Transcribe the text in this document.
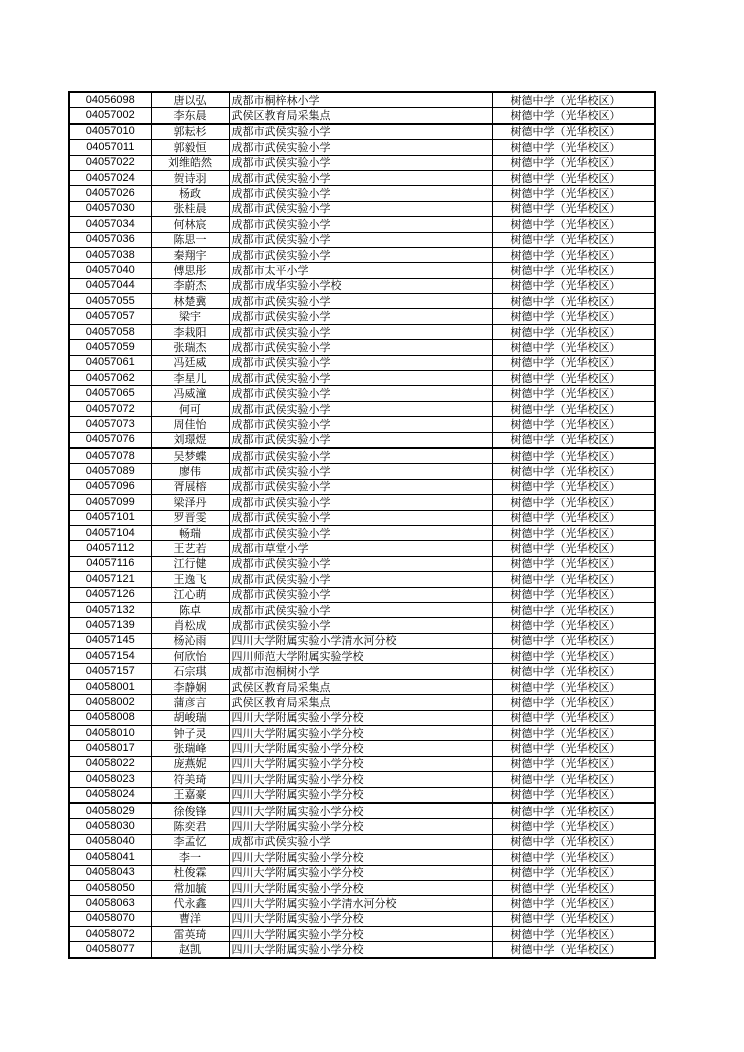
04056098	唐以弘	成都市桐梓林小学	树德中学（光华校区）
04057002	李东晨	武侯区教育局采集点	树德中学（光华校区）
04057010	郭耘杉	成都市武侯实验小学	树德中学（光华校区）
04057011	郭毅恒	成都市武侯实验小学	树德中学（光华校区）
04057022	刘维皓然	成都市武侯实验小学	树德中学（光华校区）
04057024	贺诗羽	成都市武侯实验小学	树德中学（光华校区）
04057026	杨政	成都市武侯实验小学	树德中学（光华校区）
04057030	张桂晨	成都市武侯实验小学	树德中学（光华校区）
04057034	何林宸	成都市武侯实验小学	树德中学（光华校区）
04057036	陈思一	成都市武侯实验小学	树德中学（光华校区）
04057038	秦翔宇	成都市武侯实验小学	树德中学（光华校区）
04057040	傅思彤	成都市太平小学	树德中学（光华校区）
04057044	李蔚杰	成都市成华实验小学校	树德中学（光华校区）
04057055	林楚冀	成都市武侯实验小学	树德中学（光华校区）
04057057	梁宇	成都市武侯实验小学	树德中学（光华校区）
04057058	李栽阳	成都市武侯实验小学	树德中学（光华校区）
04057059	张瑞杰	成都市武侯实验小学	树德中学（光华校区）
04057061	冯廷威	成都市武侯实验小学	树德中学（光华校区）
04057062	李星儿	成都市武侯实验小学	树德中学（光华校区）
04057065	冯威潼	成都市武侯实验小学	树德中学（光华校区）
04057072	何可	成都市武侯实验小学	树德中学（光华校区）
04057073	周佳怡	成都市武侯实验小学	树德中学（光华校区）
04057076	刘璟煜	成都市武侯实验小学	树德中学（光华校区）
04057078	吴梦蝶	成都市武侯实验小学	树德中学（光华校区）
04057089	廖伟	成都市武侯实验小学	树德中学（光华校区）
04057096	胥展榕	成都市武侯实验小学	树德中学（光华校区）
04057099	梁泽丹	成都市武侯实验小学	树德中学（光华校区）
04057101	罗晋雯	成都市武侯实验小学	树德中学（光华校区）
04057104	畅瑞	成都市武侯实验小学	树德中学（光华校区）
04057112	王艺若	成都市草堂小学	树德中学（光华校区）
04057116	江行健	成都市武侯实验小学	树德中学（光华校区）
04057121	王逸飞	成都市武侯实验小学	树德中学（光华校区）
04057126	江心萌	成都市武侯实验小学	树德中学（光华校区）
04057132	陈卓	成都市武侯实验小学	树德中学（光华校区）
04057139	肖松成	成都市武侯实验小学	树德中学（光华校区）
04057145	杨沁雨	四川大学附属实验小学清水河分校	树德中学（光华校区）
04057154	何欣怡	四川师范大学附属实验学校	树德中学（光华校区）
04057157	石宗琪	成都市泡桐树小学	树德中学（光华校区）
04058001	李静娴	武侯区教育局采集点	树德中学（光华校区）
04058002	蒲彦言	武侯区教育局采集点	树德中学（光华校区）
04058008	胡峻瑞	四川大学附属实验小学分校	树德中学（光华校区）
04058010	钟子灵	四川大学附属实验小学分校	树德中学（光华校区）
04058017	张瑞峰	四川大学附属实验小学分校	树德中学（光华校区）
04058022	庞燕妮	四川大学附属实验小学分校	树德中学（光华校区）
04058023	符美琦	四川大学附属实验小学分校	树德中学（光华校区）
04058024	王嘉豪	四川大学附属实验小学分校	树德中学（光华校区）
04058029	徐俊锋	四川大学附属实验小学分校	树德中学（光华校区）
04058030	陈奕君	四川大学附属实验小学分校	树德中学（光华校区）
04058040	李孟忆	成都市武侯实验小学	树德中学（光华校区）
04058041	李一	四川大学附属实验小学分校	树德中学（光华校区）
04058043	杜俊霖	四川大学附属实验小学分校	树德中学（光华校区）
04058050	常加毓	四川大学附属实验小学分校	树德中学（光华校区）
04058063	代永鑫	四川大学附属实验小学清水河分校	树德中学（光华校区）
04058070	曹洋	四川大学附属实验小学分校	树德中学（光华校区）
04058072	雷英琦	四川大学附属实验小学分校	树德中学（光华校区）
04058077	赵凯	四川大学附属实验小学分校	树德中学（光华校区）
